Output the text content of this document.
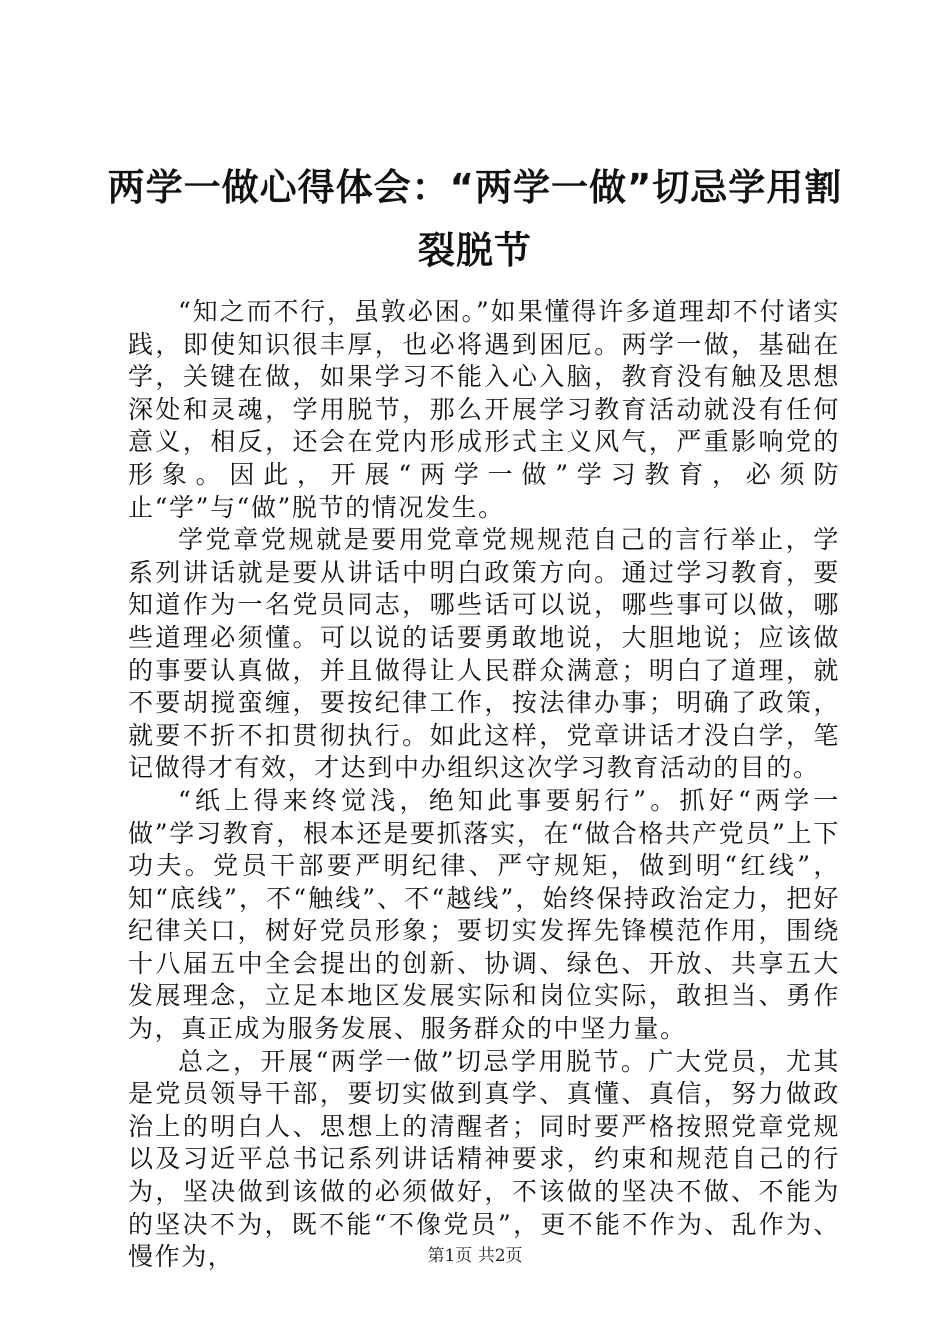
两学一做心得体会：“两学一做”切忌学用割裂脱节

“知之而不行，虽敦必困。”如果懂得许多道理却不付诸实践，即使知识很丰厚，也必将遇到困厄。两学一做，基础在学，关键在做，如果学习不能入心入脑，教育没有触及思想深处和灵魂，学用脱节，那么开展学习教育活动就没有任何意义，相反，还会在党内形成形式主义风气，严重影响党的形象。因此，开展“两学一做”学习教育，必须防止“学”与“做”脱节的情况发生。

学党章党规就是要用党章党规规范自己的言行举止，学系列讲话就是要从讲话中明白政策方向。通过学习教育，要知道作为一名党员同志，哪些话可以说，哪些事可以做，哪些道理必须懂。可以说的话要勇敢地说，大胆地说；应该做的事要认真做，并且做得让人民群众满意；明白了道理，就不要胡搅蛮缠，要按纪律工作，按法律办事；明确了政策，就要不折不扣贯彻执行。如此这样，党章讲话才没白学，笔记做得才有效，才达到中办组织这次学习教育活动的目的。

“纸上得来终觉浅，绝知此事要躬行”。抓好“两学一做”学习教育，根本还是要抓落实，在“做合格共产党员”上下功夫。党员干部要严明纪律、严守规矩，做到明“红线”，知“底线”，不“触线”、不“越线”，始终保持政治定力，把好纪律关口，树好党员形象；要切实发挥先锋模范作用，围绕十八届五中全会提出的创新、协调、绿色、开放、共享五大发展理念，立足本地区发展实际和岗位实际，敢担当、勇作为，真正成为服务发展、服务群众的中坚力量。

总之，开展“两学一做”切忌学用脱节。广大党员，尤其是党员领导干部，要切实做到真学、真懂、真信，努力做政治上的明白人、思想上的清醒者；同时要严格按照党章党规以及习近平总书记系列讲话精神要求，约束和规范自己的行为，坚决做到该做的必须做好，不该做的坚决不做、不能为的坚决不为，既不能“不像党员”，更不能不作为、乱作为、慢作为，	第1页 共2页
